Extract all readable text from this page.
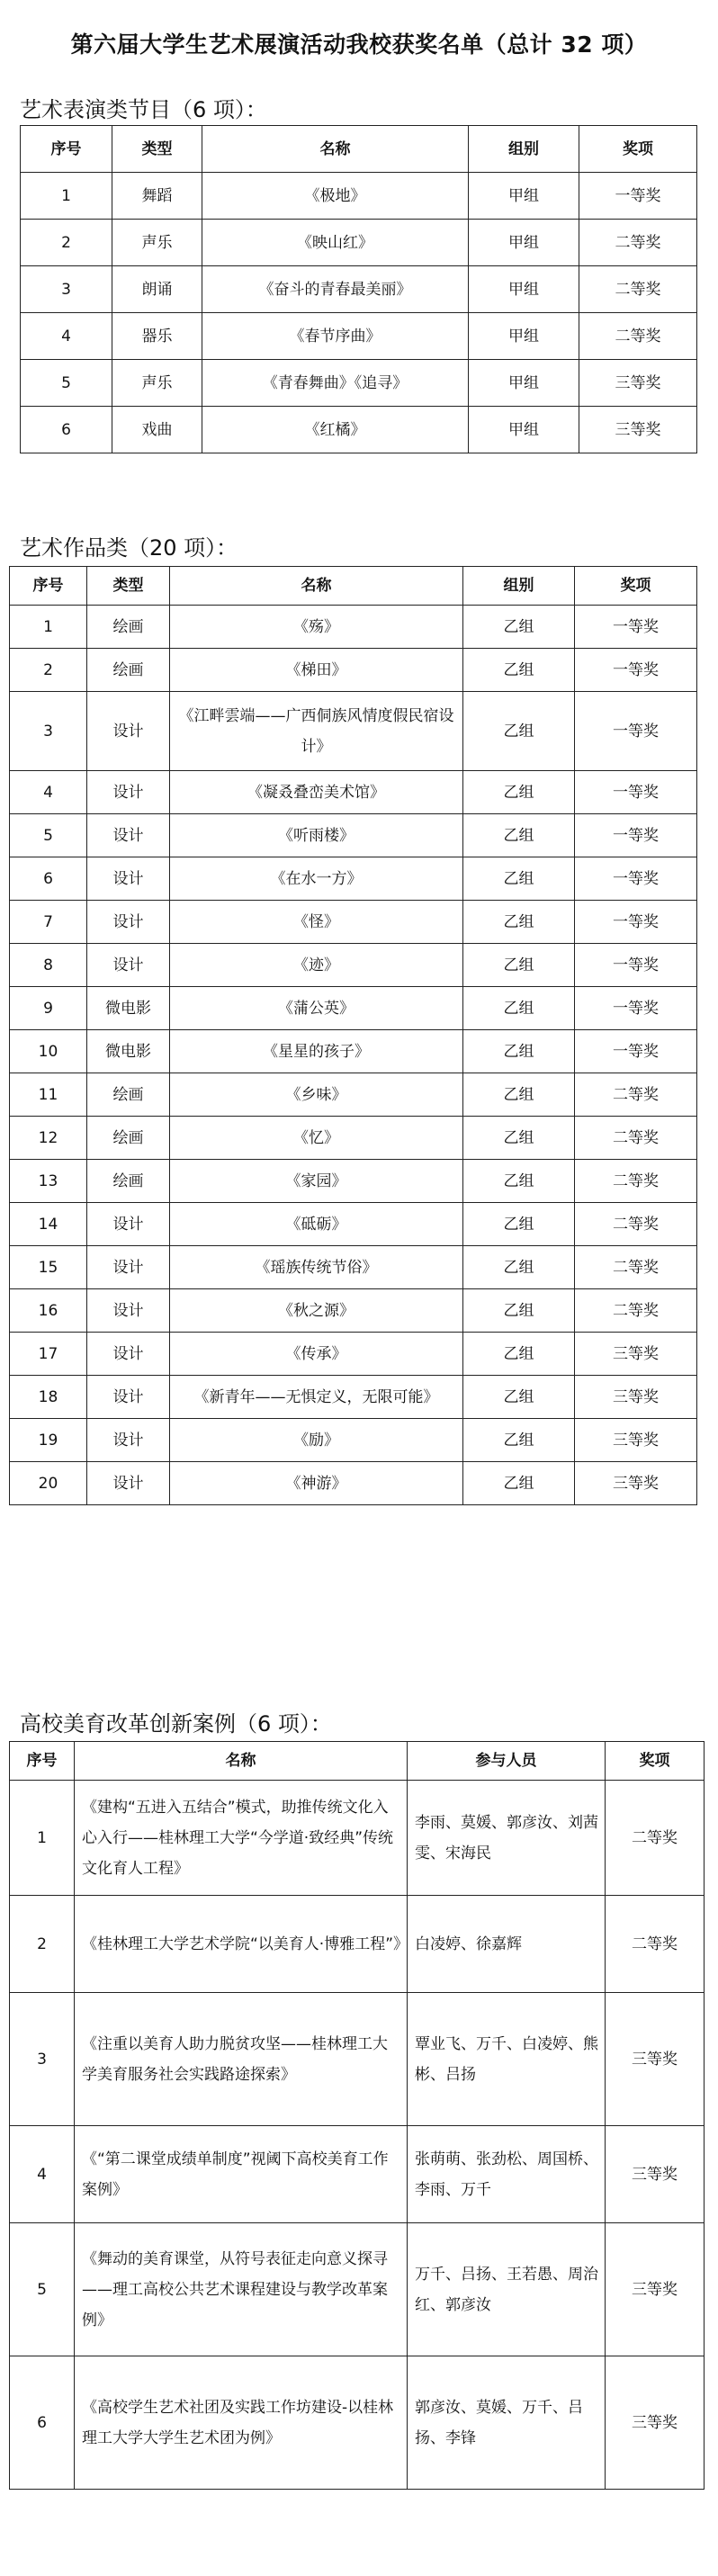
第六届大学生艺术展演活动我校获奖名单（总计 32 项）
艺术表演类节目（6 项）：
序号	类型	名称	组别	奖项
1	舞蹈	《极地》	甲组	一等奖
2	声乐	《映山红》	甲组	二等奖
3	朗诵	《奋斗的青春最美丽》	甲组	二等奖
4	器乐	《春节序曲》	甲组	二等奖
5	声乐	《青春舞曲》《追寻》	甲组	三等奖
6	戏曲	《红橘》	甲组	三等奖
艺术作品类（20 项）：
序号	类型	名称	组别	奖项
1	绘画	《殇》	乙组	一等奖
2	绘画	《梯田》	乙组	一等奖
3	设计	《江畔雲端——广西侗族风情度假民宿设计》	乙组	一等奖
4	设计	《凝叒叠峦美术馆》	乙组	一等奖
5	设计	《听雨楼》	乙组	一等奖
6	设计	《在水一方》	乙组	一等奖
7	设计	《怪》	乙组	一等奖
8	设计	《迹》	乙组	一等奖
9	微电影	《蒲公英》	乙组	一等奖
10	微电影	《星星的孩子》	乙组	一等奖
11	绘画	《乡味》	乙组	二等奖
12	绘画	《忆》	乙组	二等奖
13	绘画	《家园》	乙组	二等奖
14	设计	《砥砺》	乙组	二等奖
15	设计	《瑶族传统节俗》	乙组	二等奖
16	设计	《秋之源》	乙组	二等奖
17	设计	《传承》	乙组	三等奖
18	设计	《新青年——无惧定义，无限可能》	乙组	三等奖
19	设计	《励》	乙组	三等奖
20	设计	《神游》	乙组	三等奖
高校美育改革创新案例（6 项）：
序号	名称	参与人员	奖项
1	《建构“五进入五结合”模式，助推传统文化入心入行——桂林理工大学“今学道·致经典”传统文化育人工程》	李雨、莫媛、郭彦汝、刘茜雯、宋海民	二等奖
2	《桂林理工大学艺术学院“以美育人·博雅工程”》	白凌婷、徐嘉辉	二等奖
3	《注重以美育人助力脱贫攻坚——桂林理工大学美育服务社会实践路途探索》	覃业飞、万千、白凌婷、熊彬、吕扬	三等奖
4	《“第二课堂成绩单制度”视阈下高校美育工作案例》	张萌萌、张劲松、周国桥、李雨、万千	三等奖
5	《舞动的美育课堂，从符号表征走向意义探寻——理工高校公共艺术课程建设与教学改革案例》	万千、吕扬、王若愚、周治红、郭彦汝	三等奖
6	《高校学生艺术社团及实践工作坊建设-以桂林理工大学大学生艺术团为例》	郭彦汝、莫媛、万千、吕扬、李锋	三等奖
